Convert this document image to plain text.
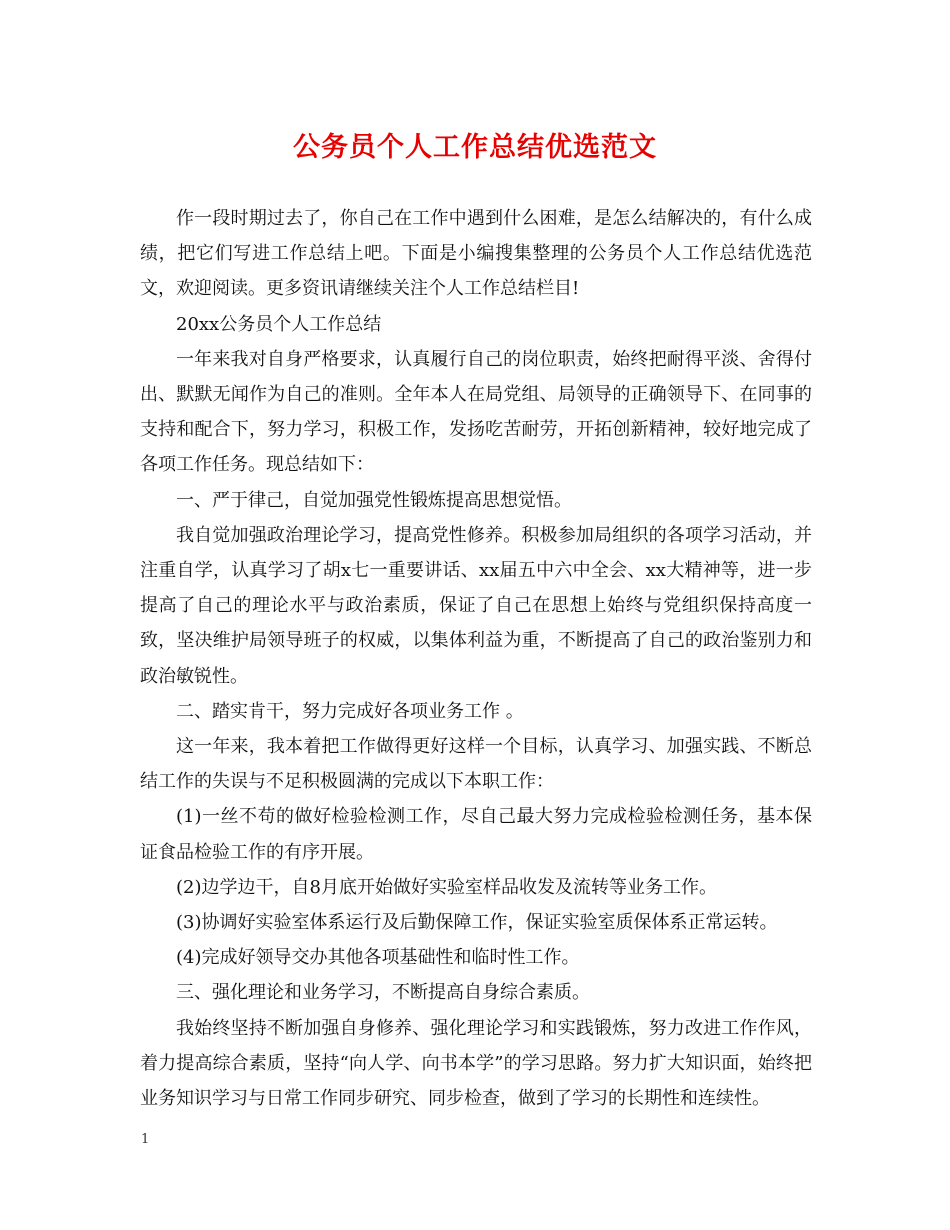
公务员个人工作总结优选范文

作一段时期过去了，你自己在工作中遇到什么困难，是怎么结解决的，有什么成绩，把它们写进工作总结上吧。下面是小编搜集整理的公务员个人工作总结优选范文，欢迎阅读。更多资讯请继续关注个人工作总结栏目!

20xx公务员个人工作总结

一年来我对自身严格要求，认真履行自己的岗位职责，始终把耐得平淡、舍得付出、默默无闻作为自己的准则。全年本人在局党组、局领导的正确领导下、在同事的支持和配合下，努力学习，积极工作，发扬吃苦耐劳，开拓创新精神，较好地完成了各项工作任务。现总结如下：

一、严于律己，自觉加强党性锻炼提高思想觉悟。

我自觉加强政治理论学习，提高党性修养。积极参加局组织的各项学习活动，并注重自学，认真学习了胡x七一重要讲话、xx届五中六中全会、xx大精神等，进一步提高了自己的理论水平与政治素质，保证了自己在思想上始终与党组织保持高度一致，坚决维护局领导班子的权威，以集体利益为重，不断提高了自己的政治鉴别力和政治敏锐性。

二、踏实肯干，努力完成好各项业务工作 。

这一年来，我本着把工作做得更好这样一个目标，认真学习、加强实践、不断总结工作的失误与不足积极圆满的完成以下本职工作：

(1)一丝不苟的做好检验检测工作，尽自己最大努力完成检验检测任务，基本保证食品检验工作的有序开展。

(2)边学边干，自8月底开始做好实验室样品收发及流转等业务工作。

(3)协调好实验室体系运行及后勤保障工作，保证实验室质保体系正常运转。

(4)完成好领导交办其他各项基础性和临时性工作。

三、强化理论和业务学习，不断提高自身综合素质。

我始终坚持不断加强自身修养、强化理论学习和实践锻炼，努力改进工作作风，着力提高综合素质，坚持“向人学、向书本学”的学习思路。努力扩大知识面，始终把业务知识学习与日常工作同步研究、同步检查，做到了学习的长期性和连续性。

1
